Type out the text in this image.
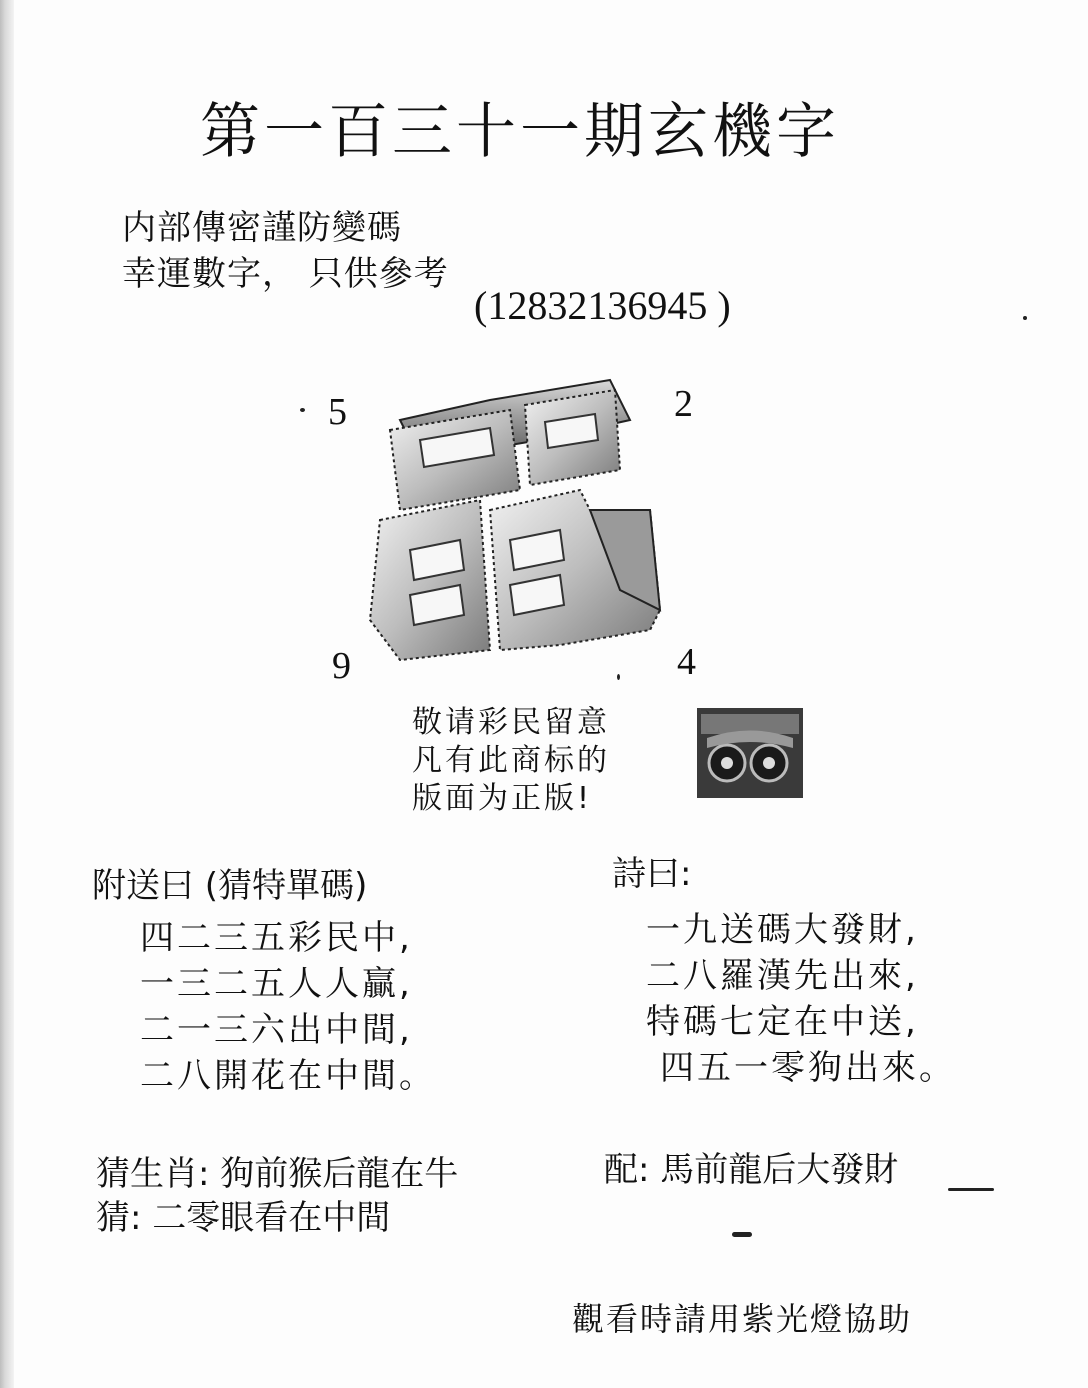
第一百三十一期玄機字
内部傳密謹防變碼
幸運數字， 只供參考
(12832136945 )
5	2
9	4
敬请彩民留意
凡有此商标的
版面为正版!
附送曰 (猜特單碼)
四二三五彩民中,
一三二五人人贏,
二一三六出中間,
二八開花在中間。
詩曰:
一九送碼大發財,
二八羅漢先出來,
特碼七定在中送,
四五一零狗出來。
猜生肖: 狗前猴后龍在牛	配: 馬前龍后大發財
猜: 二零眼看在中間
觀看時請用紫光燈協助
